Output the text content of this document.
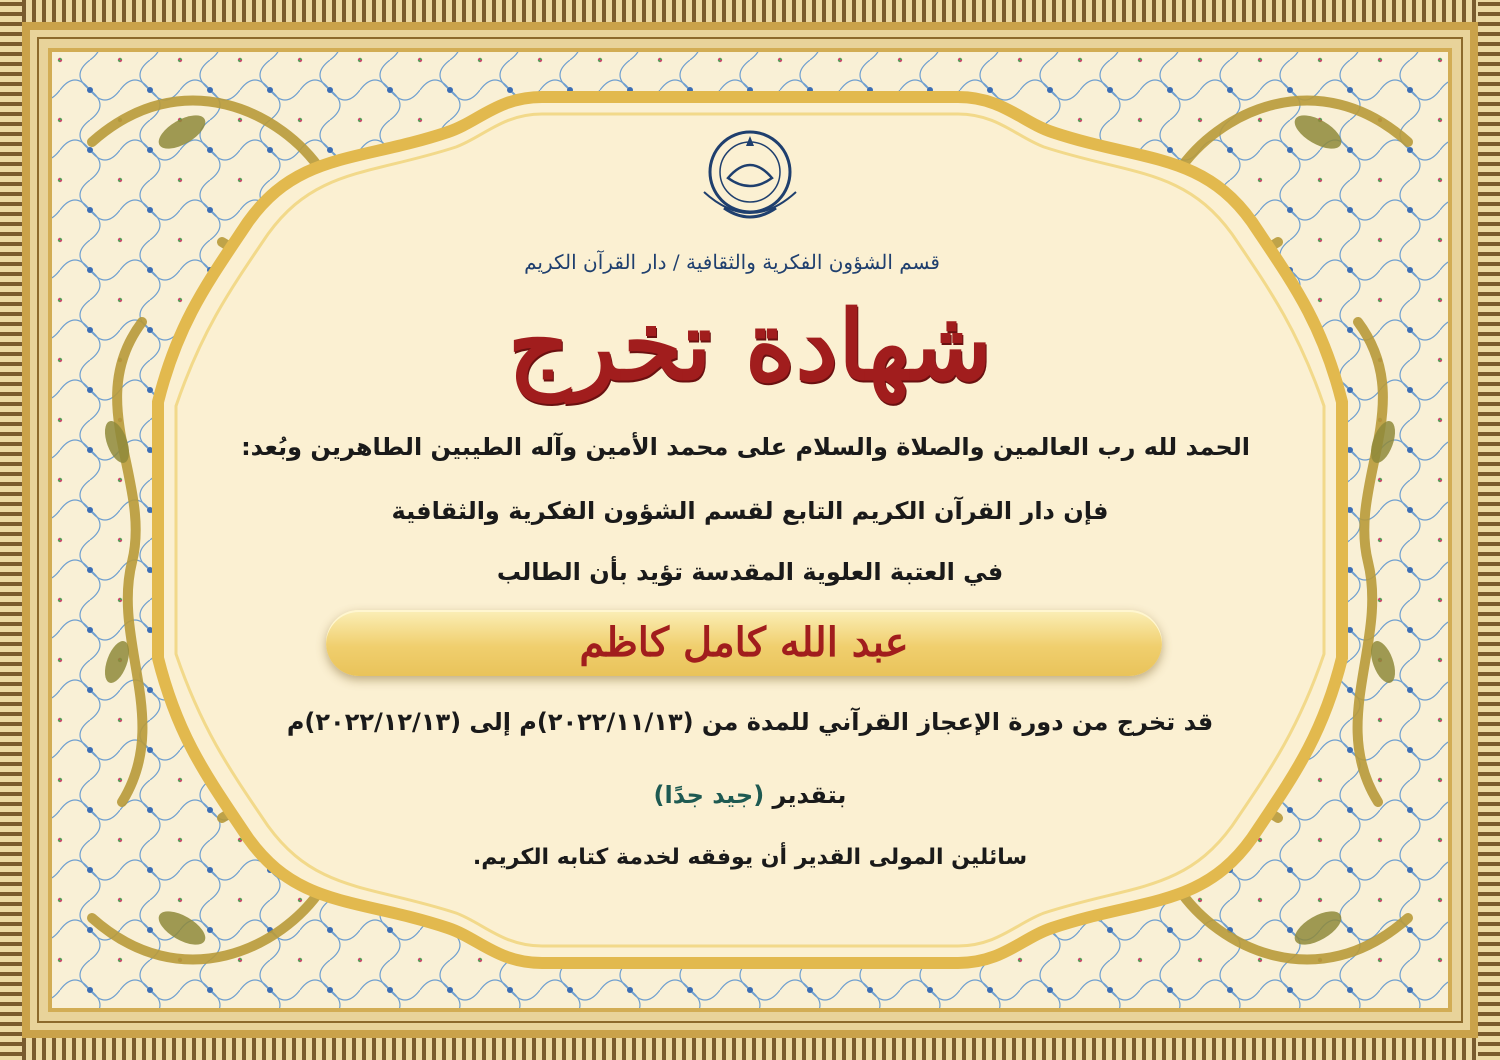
قسم الشؤون الفكرية والثقافية / دار القرآن الكريم
شهادة تخرج
الحمد لله رب العالمين والصلاة والسلام على محمد الأمين وآله الطيبين الطاهرين وبُعد:
فإن دار القرآن الكريم التابع لقسم الشؤون الفكرية والثقافية
في العتبة العلوية المقدسة تؤيد بأن الطالب
عبد الله كامل كاظم
قد تخرج من دورة الإعجاز القرآني للمدة من (٢٠٢٢/١١/١٣)م إلى (٢٠٢٢/١٢/١٣)م
بتقدير (جيد جدًا)
سائلين المولى القدير أن يوفقه لخدمة كتابه الكريم.
